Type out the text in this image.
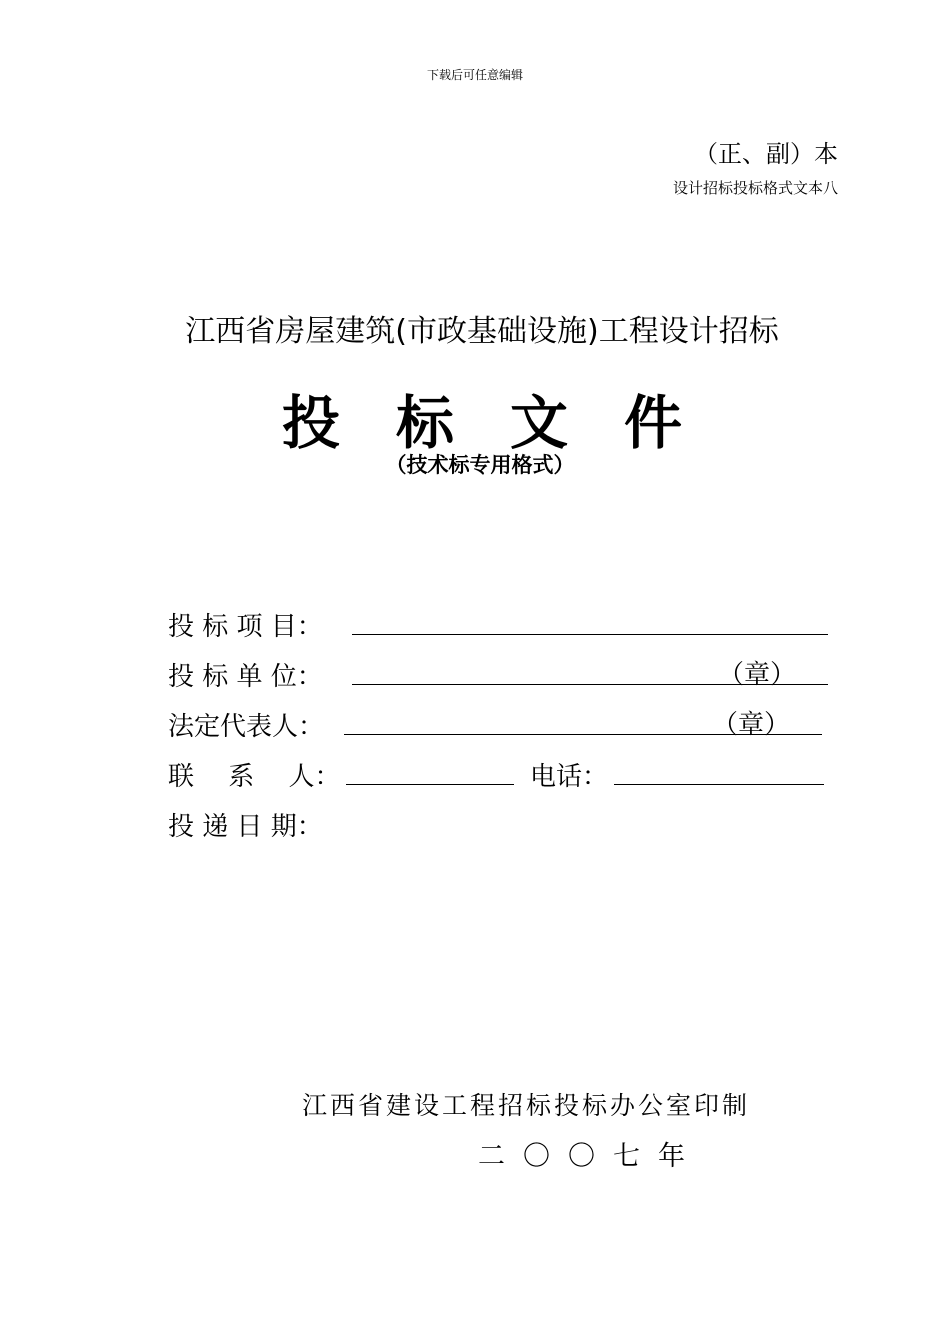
下载后可任意编辑
（正、副）本
设计招标投标格式文本八
江西省房屋建筑(市政基础设施)工程设计招标
投标文件
（技术标专用格式）
投 标 项 目：
投 标 单 位：	（章）
法定代表人：	（章）
联　 系　 人：	电话：
投 递 日 期：
江西省建设工程招标投标办公室印制
二〇〇七年
